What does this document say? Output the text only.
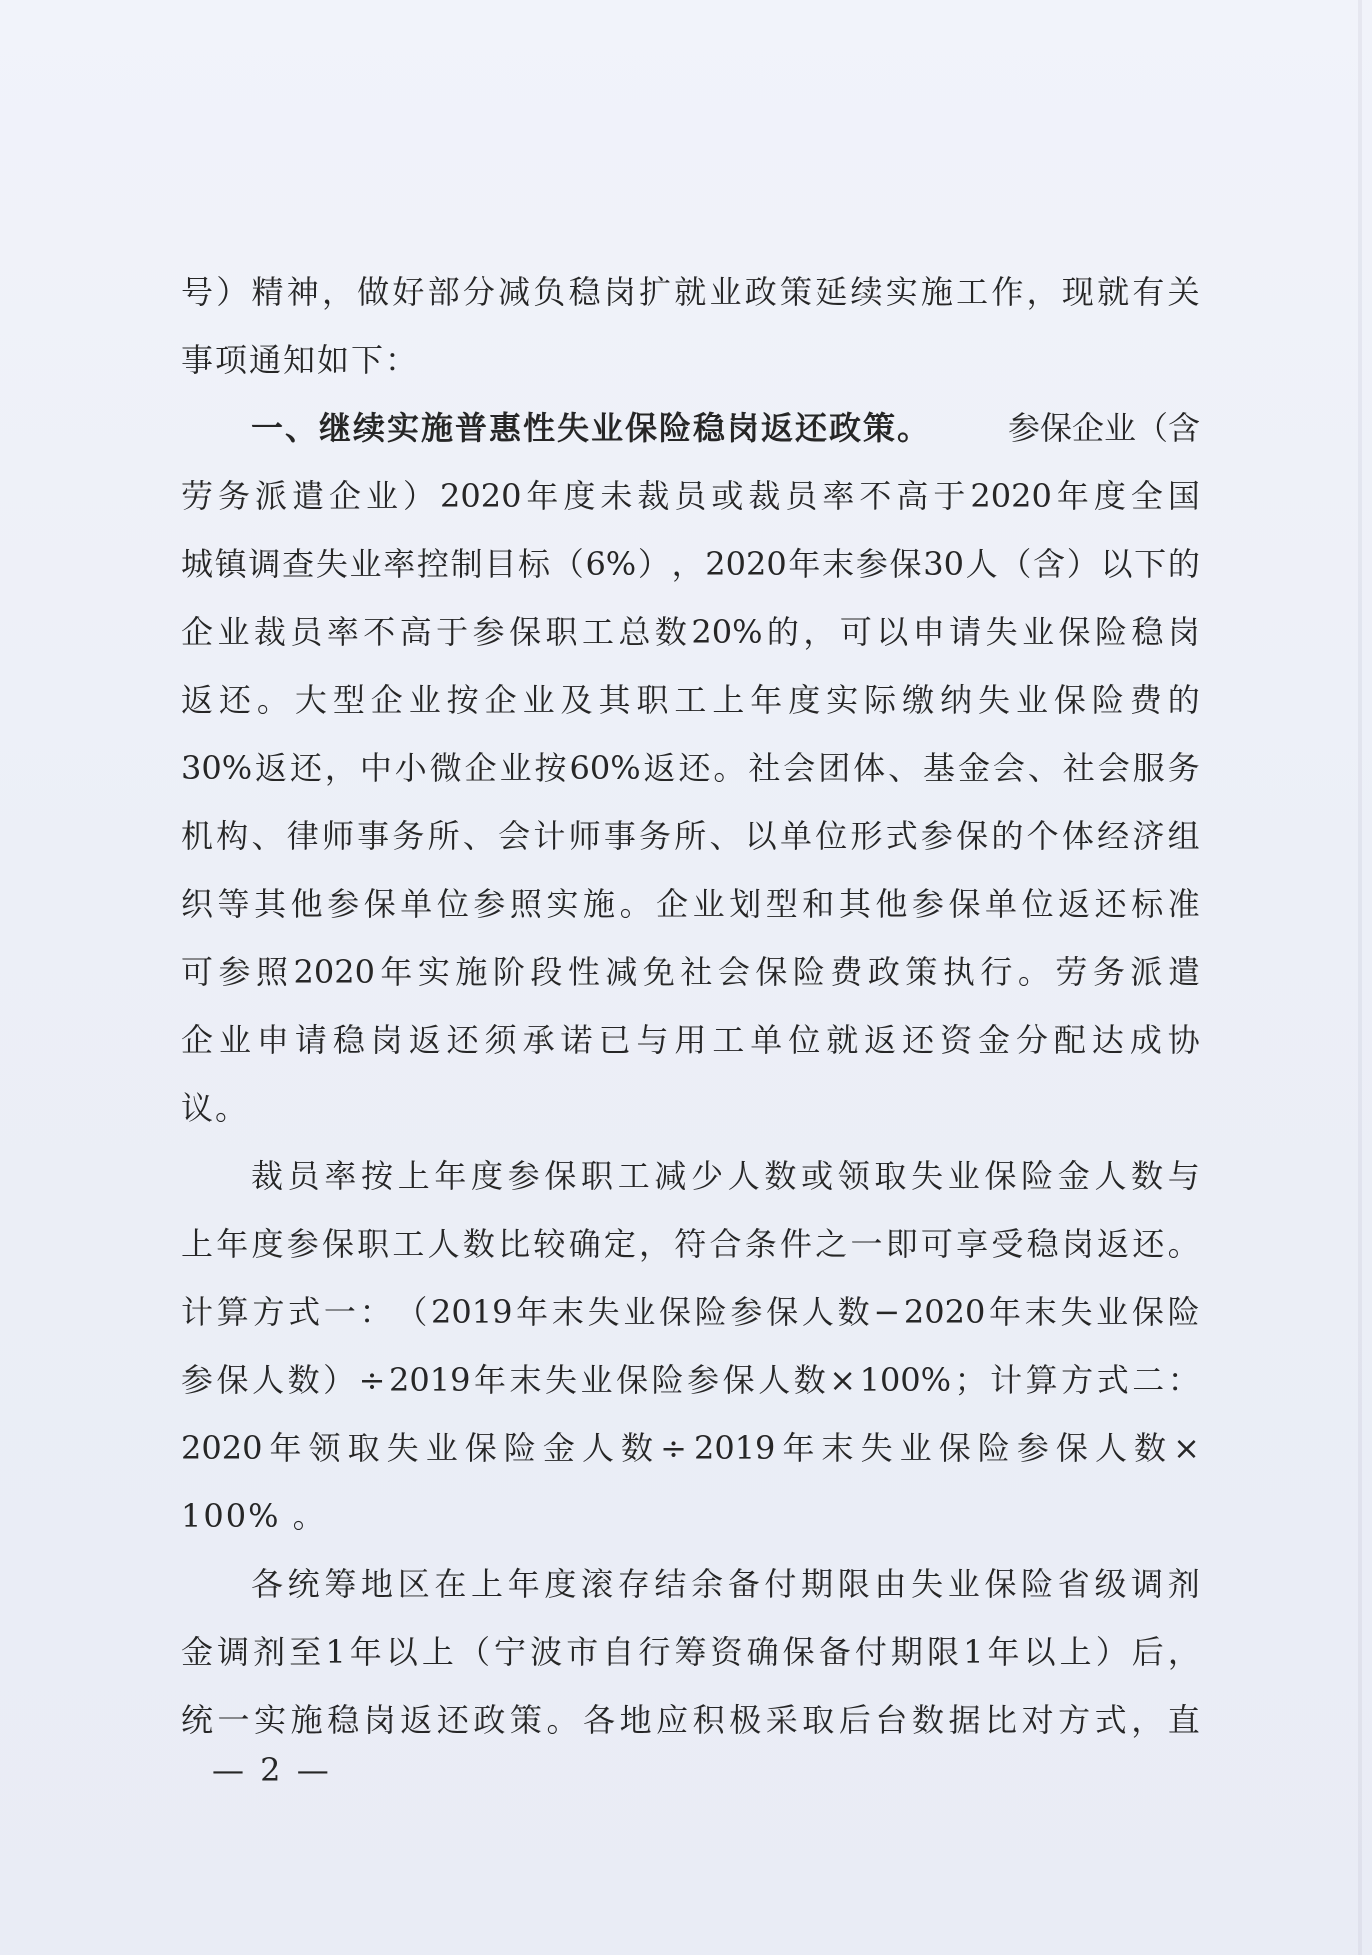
号 ） 精 神 ， 做 好 部 分 减 负 稳 岗 扩 就 业 政 策 延 续 实 施 工 作 ， 现 就 有 关
事项通知如下：
一、继续实施普惠性失业保险稳岗返还政策。 参保企业（含
劳 务 派 遣 企 业 ） 2020 年 度 未 裁 员 或 裁 员 率 不 高 于 2020 年 度 全 国
城 镇 调 查 失 业 率 控 制 目 标 （ 6% ） ， 2020 年 末 参 保 30 人 （ 含 ） 以 下 的
企 业 裁 员 率 不 高 于 参 保 职 工 总 数 20% 的 ， 可 以 申 请 失 业 保 险 稳 岗
返 还 。 大 型 企 业 按 企 业 及 其 职 工 上 年 度 实 际 缴 纳 失 业 保 险 费 的
30% 返 还 ， 中 小 微 企 业 按 60% 返 还 。 社 会 团 体 、 基 金 会 、 社 会 服 务
机 构 、 律 师 事 务 所 、 会 计 师 事 务 所 、 以 单 位 形 式 参 保 的 个 体 经 济 组
织 等 其 他 参 保 单 位 参 照 实 施 。 企 业 划 型 和 其 他 参 保 单 位 返 还 标 准
可 参 照 2020 年 实 施 阶 段 性 减 免 社 会 保 险 费 政 策 执 行 。 劳 务 派 遣
企 业 申 请 稳 岗 返 还 须 承 诺 已 与 用 工 单 位 就 返 还 资 金 分 配 达 成 协
议。
裁 员 率 按 上 年 度 参 保 职 工 减 少 人 数 或 领 取 失 业 保 险 金 人 数 与
上 年 度 参 保 职 工 人 数 比 较 确 定 ， 符 合 条 件 之 一 即 可 享 受 稳 岗 返 还 。
计 算 方 式 一 ： （ 2019 年 末 失 业 保 险 参 保 人 数 − 2020 年 末 失 业 保 险
参 保 人 数 ） ÷ 2019 年 末 失 业 保 险 参 保 人 数 × 100% ； 计 算 方 式 二 ：
2020 年 领 取 失 业 保 险 金 人 数 ÷ 2019 年 末 失 业 保 险 参 保 人 数 ×
100% 。
各 统 筹 地 区 在 上 年 度 滚 存 结 余 备 付 期 限 由 失 业 保 险 省 级 调 剂
金 调 剂 至 1 年 以 上 （ 宁 波 市 自 行 筹 资 确 保 备 付 期 限 1 年 以 上 ） 后 ，
统 一 实 施 稳 岗 返 还 政 策 。 各 地 应 积 极 采 取 后 台 数 据 比 对 方 式 ， 直
— 2 —
